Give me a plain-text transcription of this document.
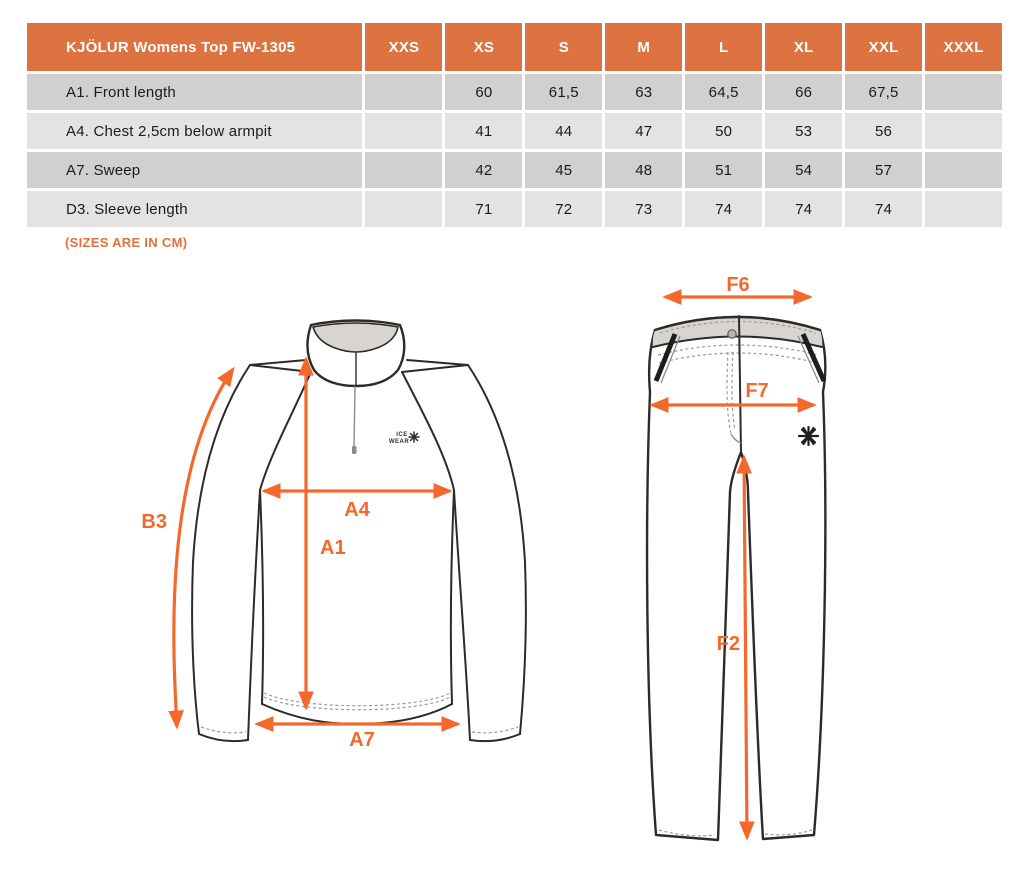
KJÖLUR Womens Top FW-1305	XXS	XS	S	M	L	XL	XXL	XXXL
A1. Front length		60	61,5	63	64,5	66	67,5	
A4. Chest 2,5cm below armpit		41	44	47	50	53	56	
A7. Sweep		42	45	48	51	54	57	
D3. Sleeve length		71	72	73	74	74	74	
(SIZES ARE IN CM)
ICE
WEAR
B3
A4
A1
A7
F6
F7
F2
